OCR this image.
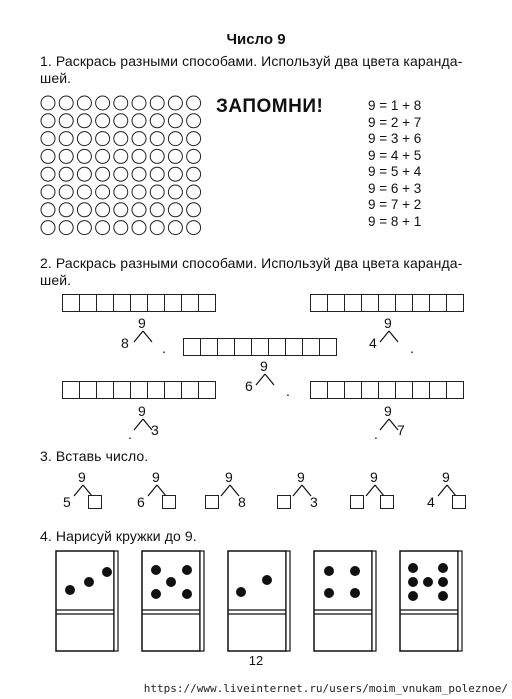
Число 9
1. Раскрась разными способами. Используй два цвета каранда-
шей.
ЗАПОМНИ!	9 = 1 + 8
9 = 2 + 7
9 = 3 + 6
9 = 4 + 5
9 = 5 + 4
9 = 6 + 3
9 = 7 + 2
9 = 8 + 1
2. Раскрась разными способами. Используй два цвета каранда-
шей.
9
8 .
9
4 .
9
6 .
9
. 3
9
. 7
3. Вставь число.
9
5
9
6
9
8
9
3
9	9
4
4. Нарисуй кружки до 9.
12
https://www.liveinternet.ru/users/moim_vnukam_poleznoe/
